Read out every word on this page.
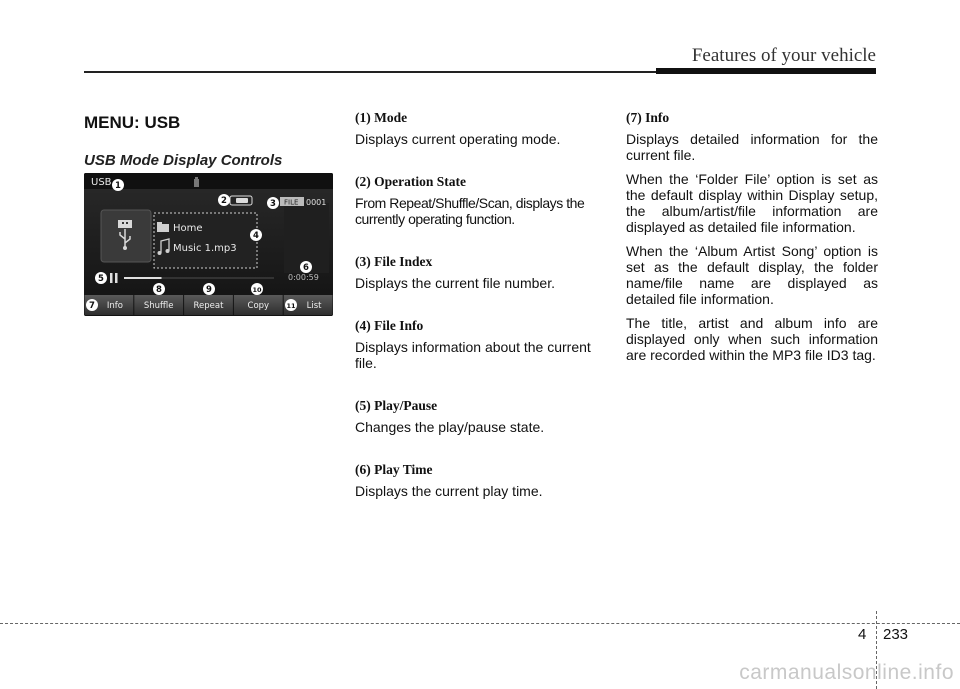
Features of your vehicle
MENU: USB
USB Mode Display Controls
USB
FILE 0001
Home
Music 1.mp3
0:00:59
Info Shuffle Repeat	Copy	List
1
2	3
4
5
6
7
8	9	10
11
(1) Mode
Displays current operating mode.
(2) Operation State
From Repeat/Shuffle/Scan, displays the currently operating function.
(3) File Index
Displays the current file number.
(4) File Info
Displays information about the current file.
(5) Play/Pause
Changes the play/pause state.
(6) Play Time
Displays the current play time.
(7) Info
Displays detailed information for the current file.
When the ‘Folder File’ option is set as the default display within Display setup, the album/artist/file information are displayed as detailed file information.
When the ‘Album Artist Song’ option is set as the default display, the folder name/file name are displayed as detailed file information.
The title, artist and album info are displayed only when such information are recorded within the MP3 file ID3 tag.
4 233
carmanualsonline.info
